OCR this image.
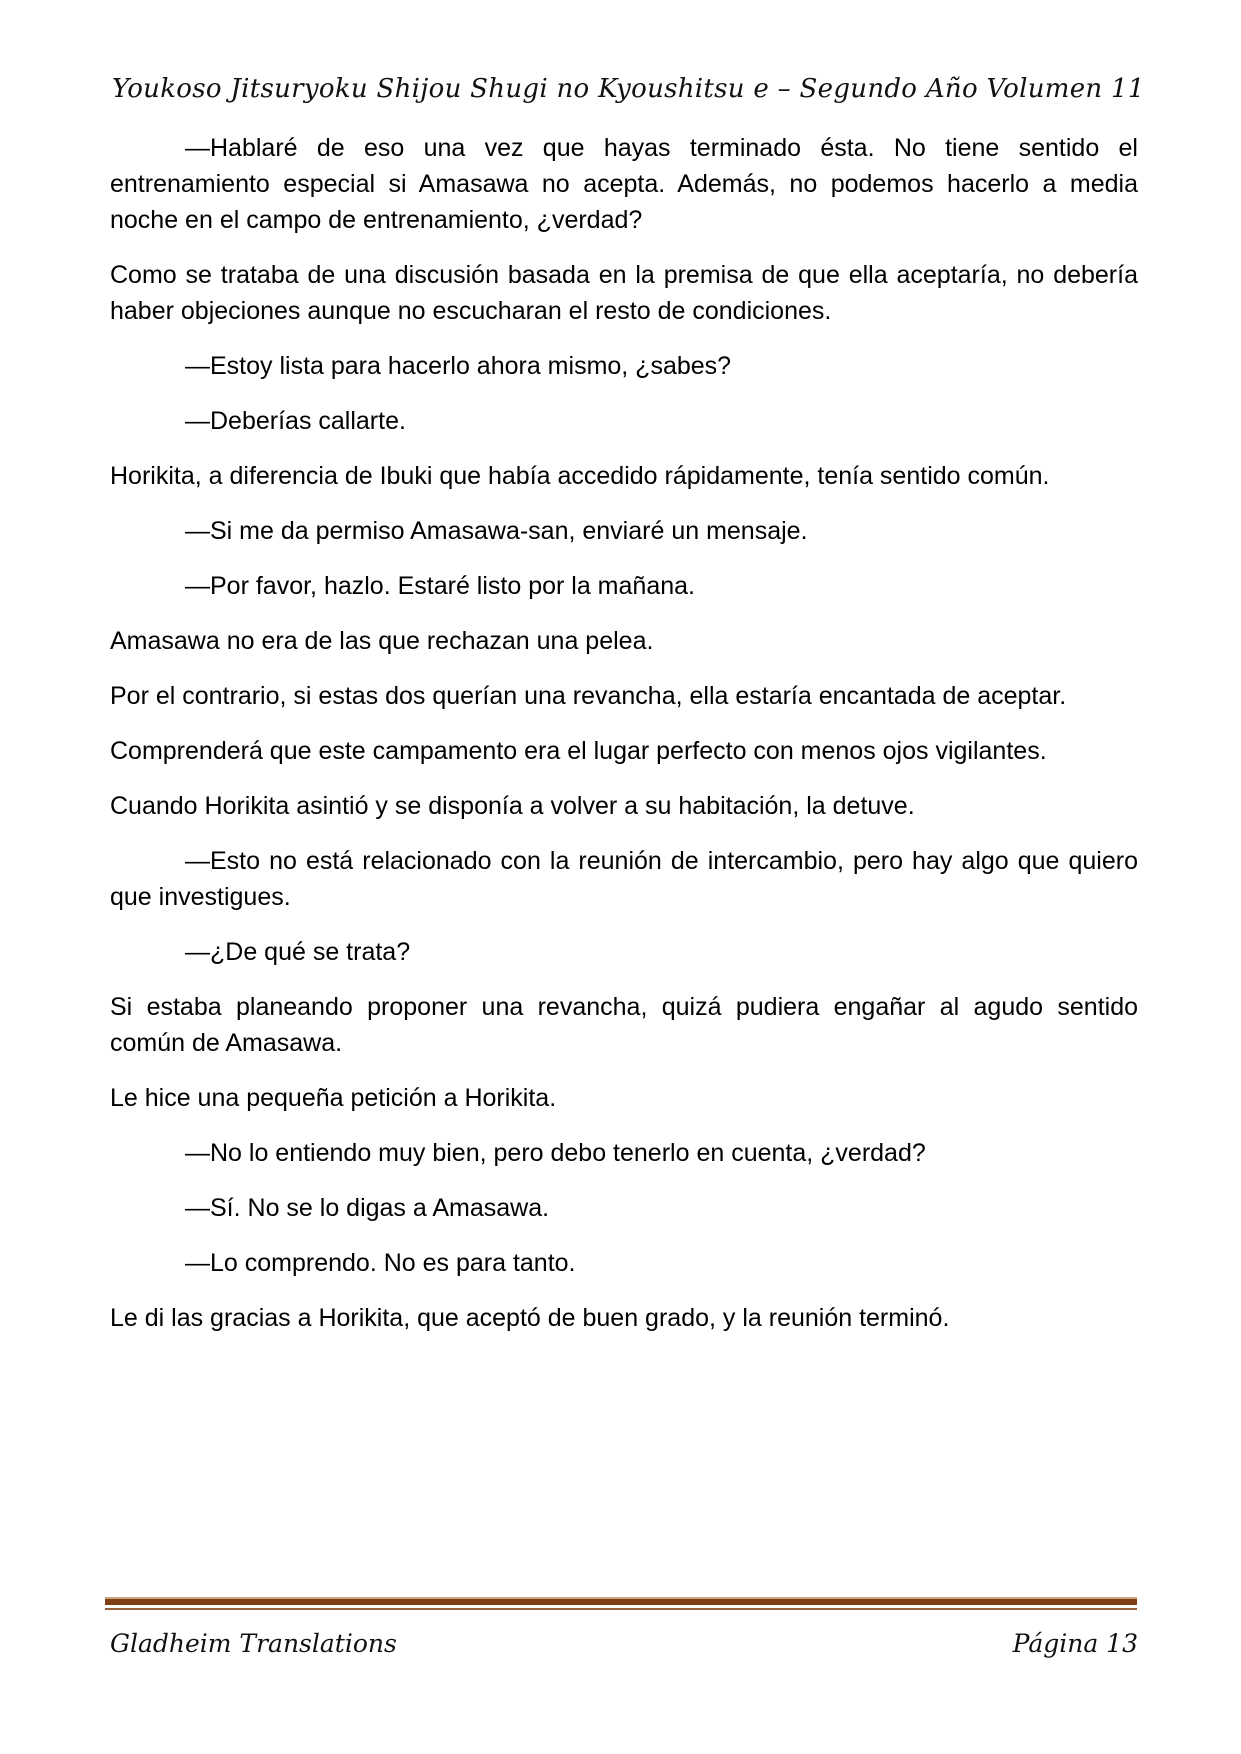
Youkoso Jitsuryoku Shijou Shugi no Kyoushitsu e – Segundo Año Volumen 11

—Hablaré de eso una vez que hayas terminado ésta. No tiene sentido el entrenamiento especial si Amasawa no acepta. Además, no podemos hacerlo a media noche en el campo de entrenamiento, ¿verdad?

Como se trataba de una discusión basada en la premisa de que ella aceptaría, no debería haber objeciones aunque no escucharan el resto de condiciones.

—Estoy lista para hacerlo ahora mismo, ¿sabes?

—Deberías callarte.

Horikita, a diferencia de Ibuki que había accedido rápidamente, tenía sentido común.

—Si me da permiso Amasawa-san, enviaré un mensaje.

—Por favor, hazlo. Estaré listo por la mañana.

Amasawa no era de las que rechazan una pelea.

Por el contrario, si estas dos querían una revancha, ella estaría encantada de aceptar.

Comprenderá que este campamento era el lugar perfecto con menos ojos vigilantes.

Cuando Horikita asintió y se disponía a volver a su habitación, la detuve.

—Esto no está relacionado con la reunión de intercambio, pero hay algo que quiero que investigues.

—¿De qué se trata?

Si estaba planeando proponer una revancha, quizá pudiera engañar al agudo sentido común de Amasawa.

Le hice una pequeña petición a Horikita.

—No lo entiendo muy bien, pero debo tenerlo en cuenta, ¿verdad?

—Sí. No se lo digas a Amasawa.

—Lo comprendo. No es para tanto.

Le di las gracias a Horikita, que aceptó de buen grado, y la reunión terminó.

Gladheim Translations	Página 13
